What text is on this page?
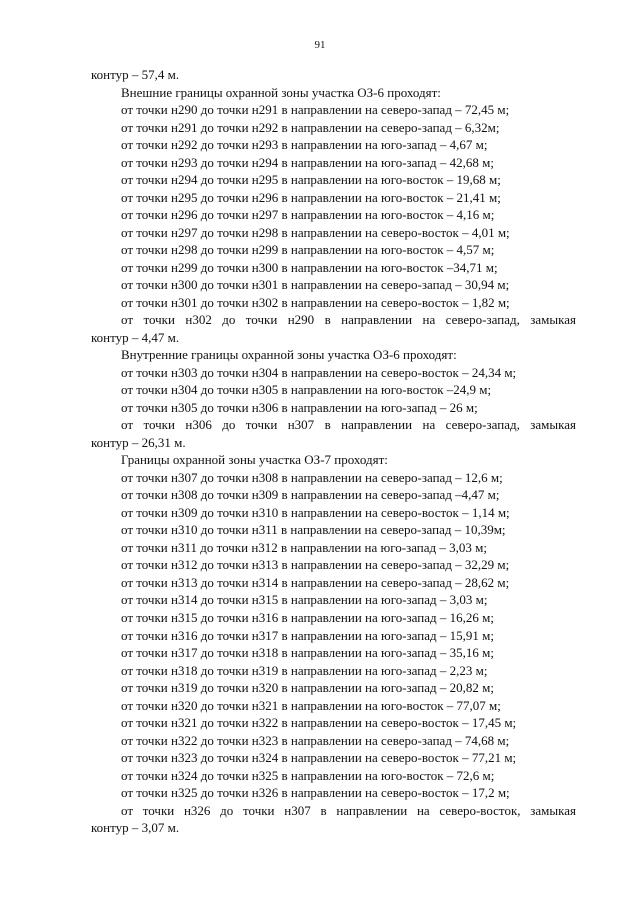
91
контур – 57,4 м.
Внешние границы охранной зоны участка ОЗ-6 проходят:
от точки н290 до точки н291 в направлении на северо-запад – 72,45 м;
от точки н291 до точки н292 в направлении на северо-запад – 6,32м;
от точки н292 до точки н293 в направлении на юго-запад – 4,67 м;
от точки н293 до точки н294 в направлении на юго-запад – 42,68 м;
от точки н294 до точки н295 в направлении на юго-восток – 19,68 м;
от точки н295 до точки н296 в направлении на юго-восток – 21,41 м;
от точки н296 до точки н297 в направлении на юго-восток – 4,16 м;
от точки н297 до точки н298 в направлении на северо-восток – 4,01 м;
от точки н298 до точки н299 в направлении на юго-восток – 4,57 м;
от точки н299 до точки н300 в направлении на юго-восток –34,71 м;
от точки н300 до точки н301 в направлении на северо-запад – 30,94 м;
от точки н301 до точки н302 в направлении на северо-восток – 1,82 м;
от точки н302 до точки н290 в направлении на северо-запад, замыкая
контур – 4,47 м.
Внутренние границы охранной зоны участка ОЗ-6 проходят:
от точки н303 до точки н304 в направлении на северо-восток – 24,34 м;
от точки н304 до точки н305 в направлении на юго-восток –24,9 м;
от точки н305 до точки н306 в направлении на юго-запад – 26 м;
от точки н306 до точки н307 в направлении на северо-запад, замыкая
контур – 26,31 м.
Границы охранной зоны участка ОЗ-7 проходят:
от точки н307 до точки н308 в направлении на северо-запад – 12,6 м;
от точки н308 до точки н309 в направлении на северо-запад –4,47 м;
от точки н309 до точки н310 в направлении на северо-восток – 1,14 м;
от точки н310 до точки н311 в направлении на северо-запад – 10,39м;
от точки н311 до точки н312 в направлении на юго-запад – 3,03 м;
от точки н312 до точки н313 в направлении на северо-запад – 32,29 м;
от точки н313 до точки н314 в направлении на северо-запад – 28,62 м;
от точки н314 до точки н315 в направлении на юго-запад – 3,03 м;
от точки н315 до точки н316 в направлении на юго-запад – 16,26 м;
от точки н316 до точки н317 в направлении на юго-запад – 15,91 м;
от точки н317 до точки н318 в направлении на юго-запад – 35,16 м;
от точки н318 до точки н319 в направлении на юго-запад – 2,23 м;
от точки н319 до точки н320 в направлении на юго-запад – 20,82 м;
от точки н320 до точки н321 в направлении на юго-восток – 77,07 м;
от точки н321 до точки н322 в направлении на северо-восток – 17,45 м;
от точки н322 до точки н323 в направлении на северо-запад – 74,68 м;
от точки н323 до точки н324 в направлении на северо-восток – 77,21 м;
от точки н324 до точки н325 в направлении на юго-восток – 72,6 м;
от точки н325 до точки н326 в направлении на северо-восток – 17,2 м;
от точки н326 до точки н307 в направлении на северо-восток, замыкая
контур – 3,07 м.
